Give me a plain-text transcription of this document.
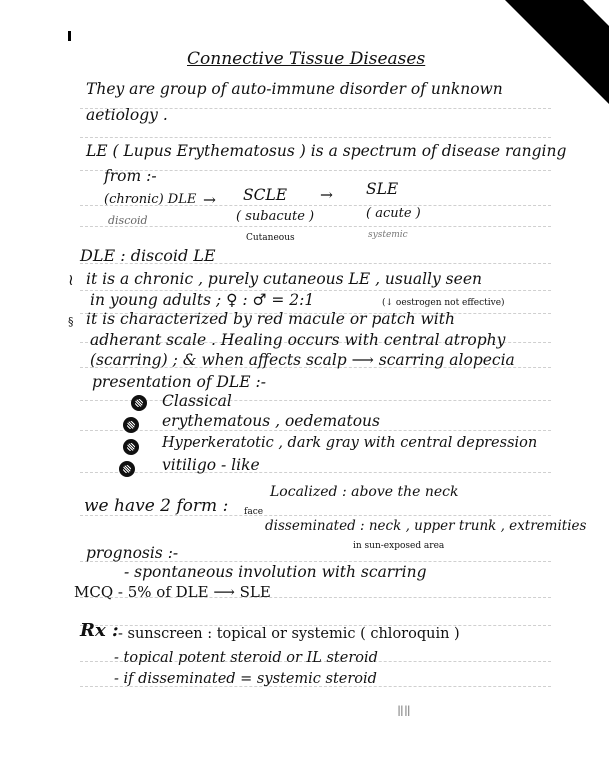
Connective Tissue Diseases
They are group of auto-immune disorder of unknown
aetiology .
LE ( Lupus Erythematosus ) is a spectrum of disease ranging
from :-
(chronic) DLE → SCLE → SLE
discoid	( subacute )	( acute )
Cutaneous	systemic
DLE : discoid LE
≀ it is a chronic , purely cutaneous LE , usually seen
in young adults ; ♀ : ♂ = 2:1	(↓ oestrogen not effective)
§ it is characterized by red macule or patch with
adherant scale . Healing occurs with central atrophy
(scarring) ; & when affects scalp ⟶ scarring alopecia
presentation of DLE :-
Classical
erythematous , oedematous
Hyperkeratotic , dark gray with central depression
vitiligo - like
Localized : above the neck
we have 2 form : face
disseminated : neck , upper trunk , extremities
in sun-exposed area
prognosis :-
- spontaneous involution with scarring
MCQ - 5% of DLE ⟶ SLE
Rx : - sunscreen : topical or systemic ( chloroquin )
- topical potent steroid or IL steroid
- if disseminated = systemic steroid
ǁǁ
